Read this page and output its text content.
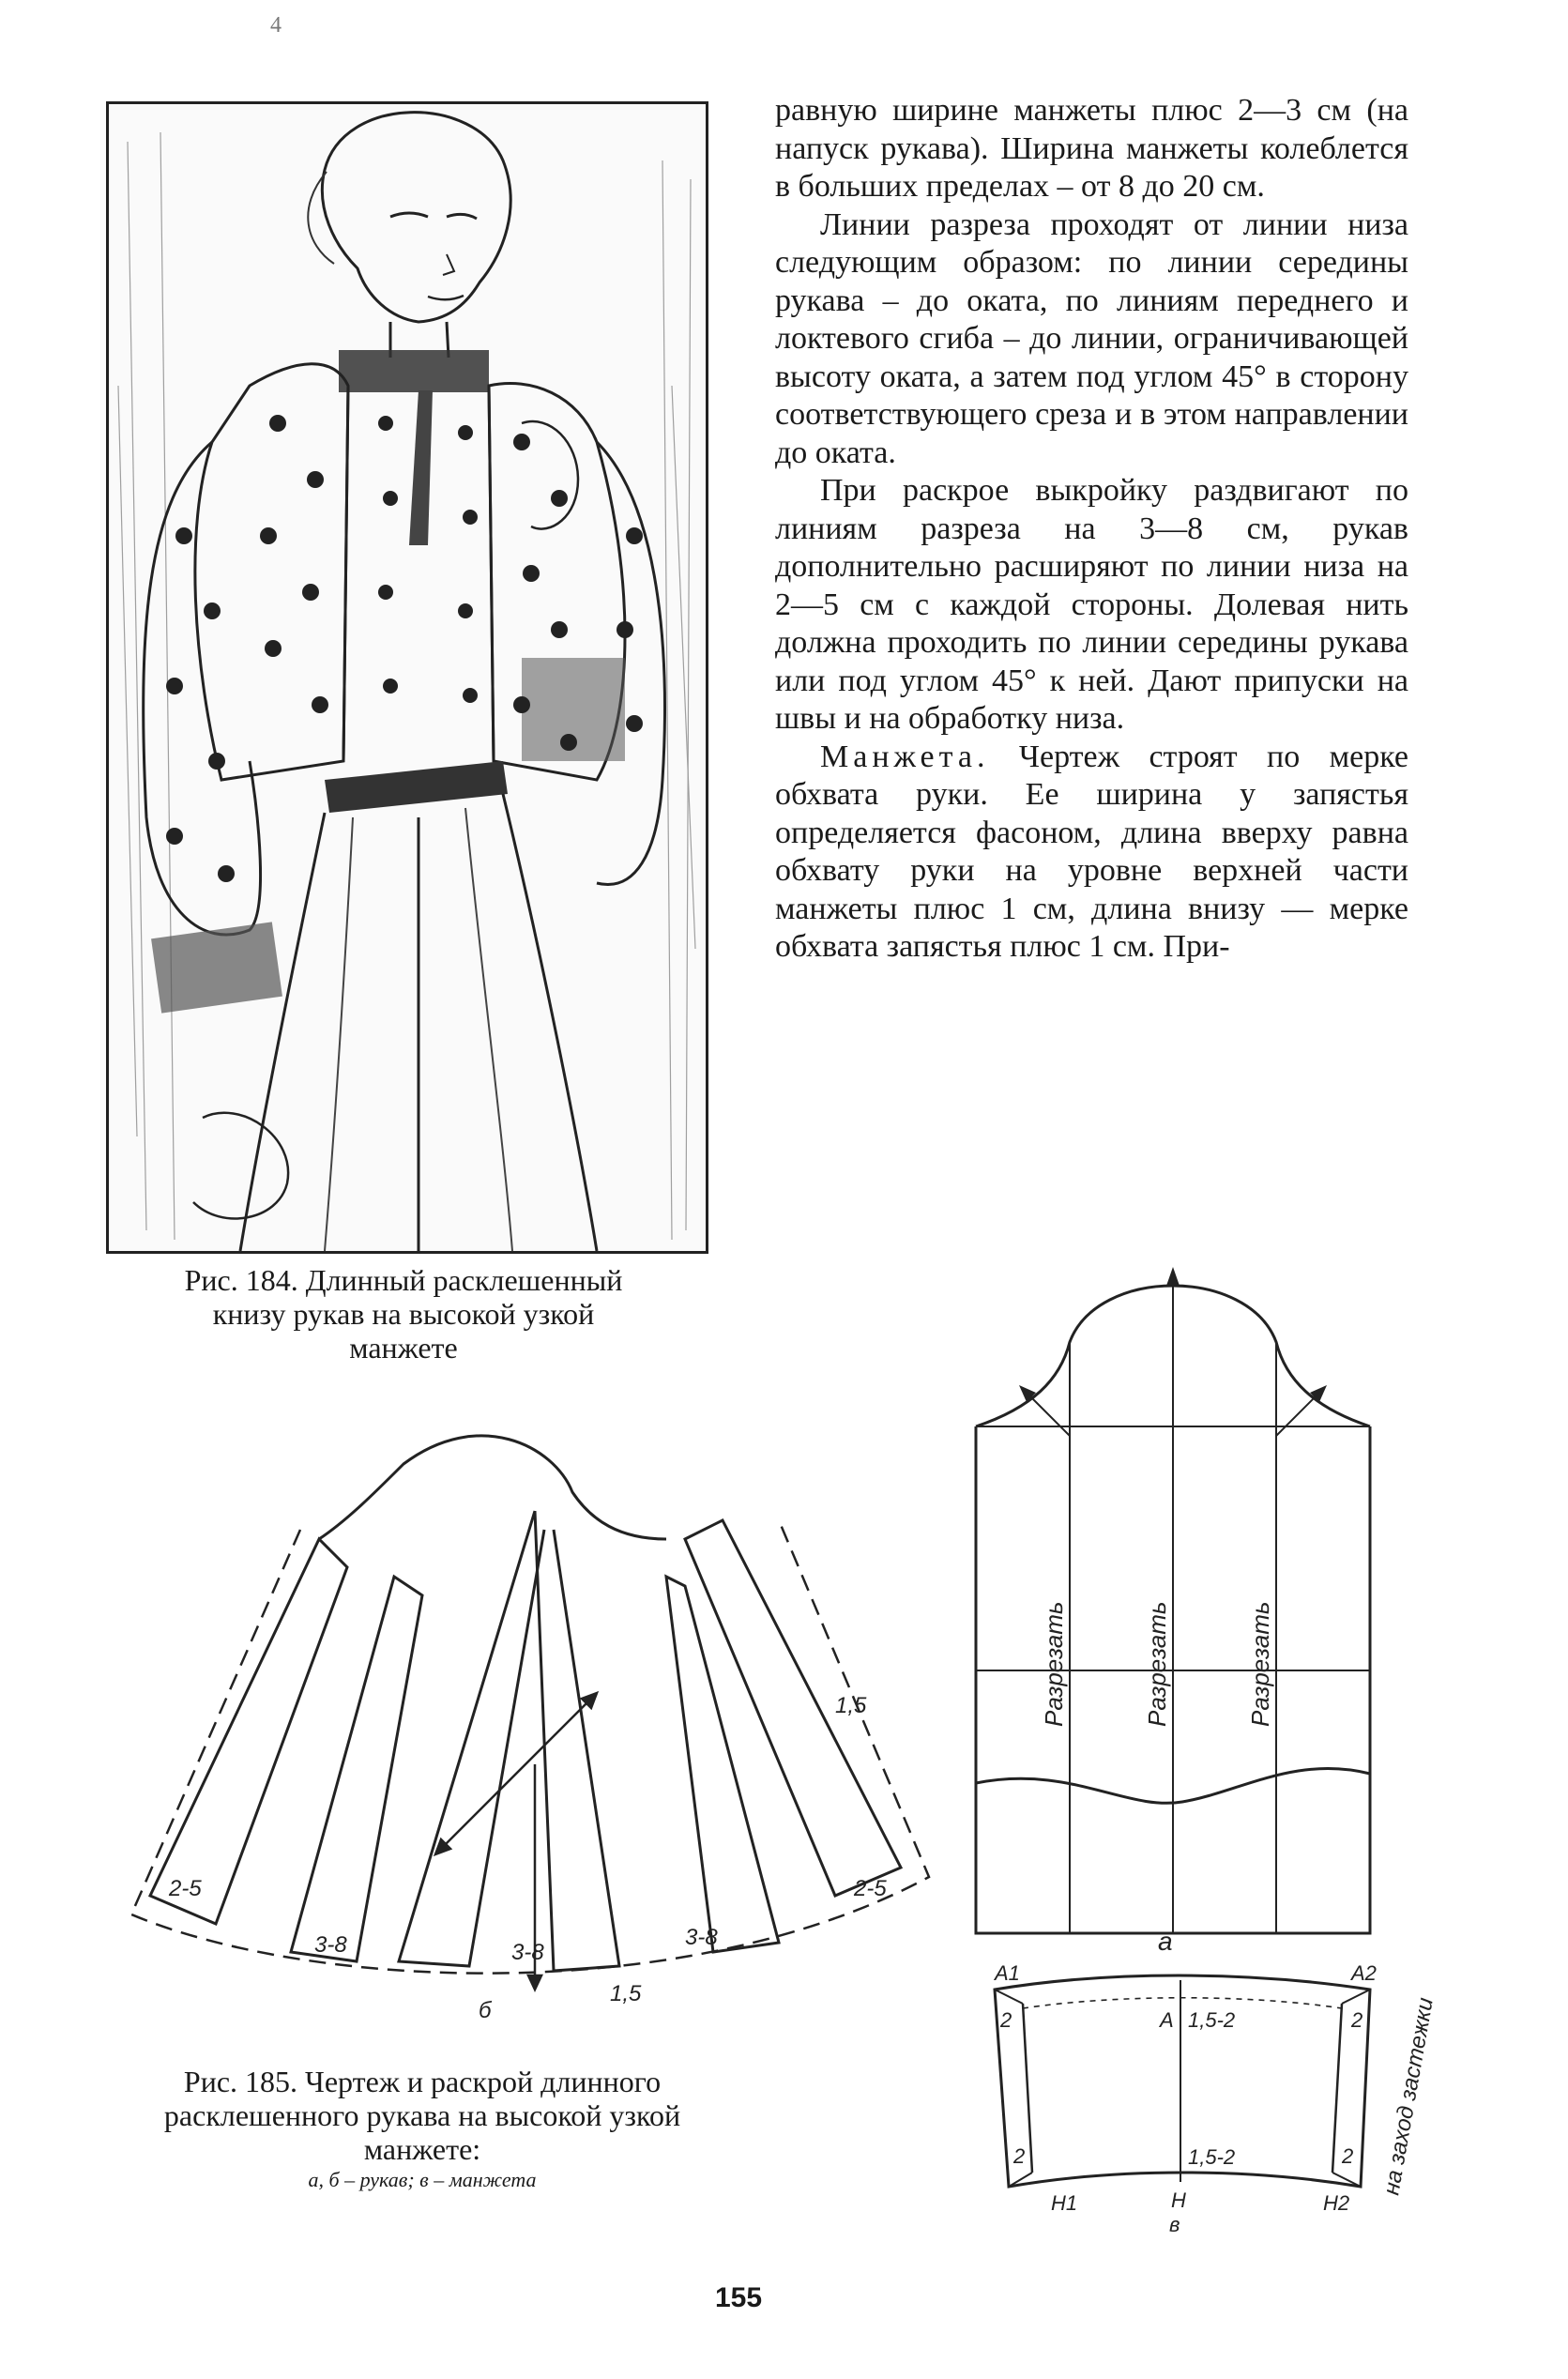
4

равную ширине манжеты плюс 2—3 см (на напуск рукава). Ширина манжеты колеблется в больших пределах – от 8 до 20 см.

Линии разреза проходят от линии низа следующим образом: по линии середины рукава – до оката, по линиям переднего и локтевого сгиба – до линии, ограничивающей высоту оката, а затем под углом 45° в сторону соответствующего среза и в этом направлении до оката.

При раскрое выкройку раздвигают по линиям разреза на 3—8 см, рукав дополнительно расширяют по линии низа на 2—5 см с каждой стороны. Долевая нить должна проходить по линии середины рукава или под углом 45° к ней. Дают припуски на швы и на обработку низа.

Манжета. Чертеж строят по мерке обхвата руки. Ее ширина у запястья определяется фасоном, длина вверху равна обхвату руки на уровне верхней части манжеты плюс 1 см, длина внизу — мерке обхвата запястья плюс 1 см. При-

Рис. 184. Длинный расклешенный книзу рукав на высокой узкой манжете
Разрезать	Разрезать	Разрезать
а
2-5
3-8	3-8
3-8
2-5
1,5
1,5
б
A1
A
A2
H1	H	H2
2	1,5-2	2
2	1,5-2	2
в
на заход застежки
Рис. 185. Чертеж и раскрой длинного расклешенного рукава на высокой узкой манжете:
а, б – рукав; в – манжета
155
